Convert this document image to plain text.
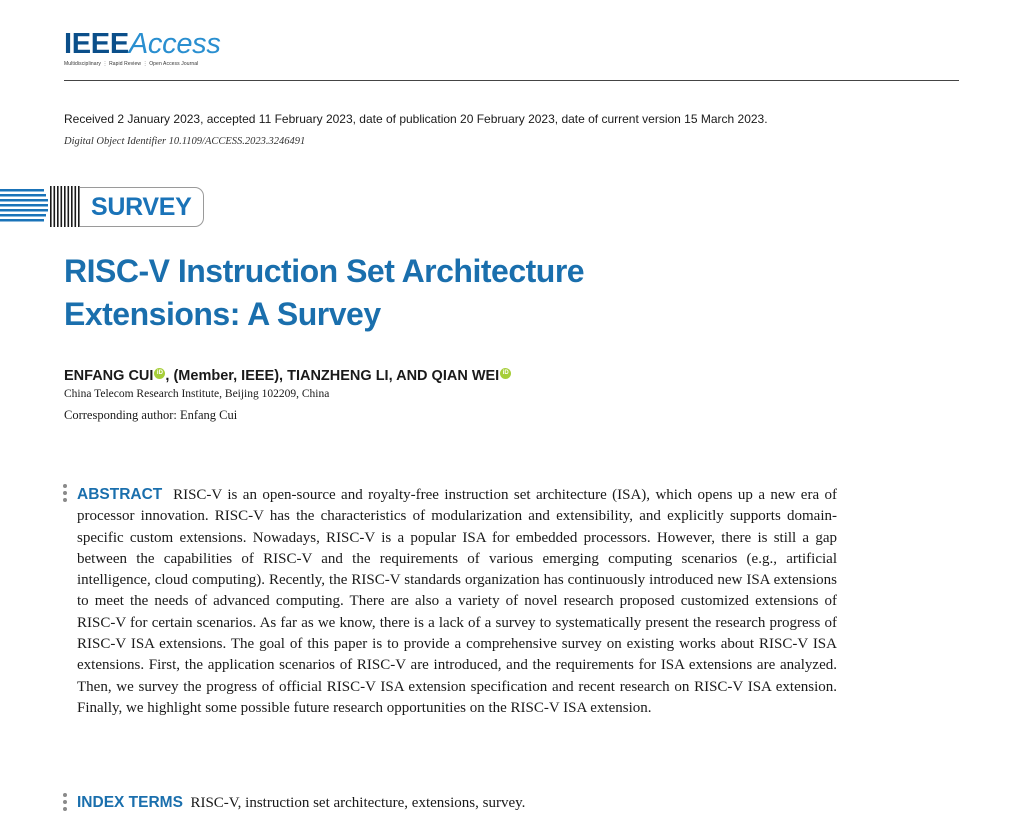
IEEEAccess
Multidisciplinary ⋮ Rapid Review ⋮ Open Access Journal
Received 2 January 2023, accepted 11 February 2023, date of publication 20 February 2023, date of current version 15 March 2023.
Digital Object Identifier 10.1109/ACCESS.2023.3246491
SURVEY
RISC-V Instruction Set Architecture
Extensions: A Survey
ENFANG CUI iD , (Member, IEEE), TIANZHENG LI, AND QIAN WEI iD
China Telecom Research Institute, Beijing 102209, China
Corresponding author: Enfang Cui

ABSTRACT RISC-V is an open-source and royalty-free instruction set architecture (ISA), which opens up a new era of processor innovation. RISC-V has the characteristics of modularization and extensibility, and explicitly supports domain-specific custom extensions. Nowadays, RISC-V is a popular ISA for embedded processors. However, there is still a gap between the capabilities of RISC-V and the requirements of various emerging computing scenarios (e.g., artificial intelligence, cloud computing). Recently, the RISC-V standards organization has continuously introduced new ISA extensions to meet the needs of advanced computing. There are also a variety of novel research proposed customized extensions of RISC-V for certain scenarios. As far as we know, there is a lack of a survey to systematically present the research progress of RISC-V ISA extensions. The goal of this paper is to provide a comprehensive survey on existing works about RISC-V ISA extensions. First, the application scenarios of RISC-V are introduced, and the requirements for ISA extensions are analyzed. Then, we survey the progress of official RISC-V ISA extension specification and recent research on RISC-V ISA extension. Finally, we highlight some possible future research opportunities on the RISC-V ISA extension.

INDEX TERMS RISC-V, instruction set architecture, extensions, survey.
